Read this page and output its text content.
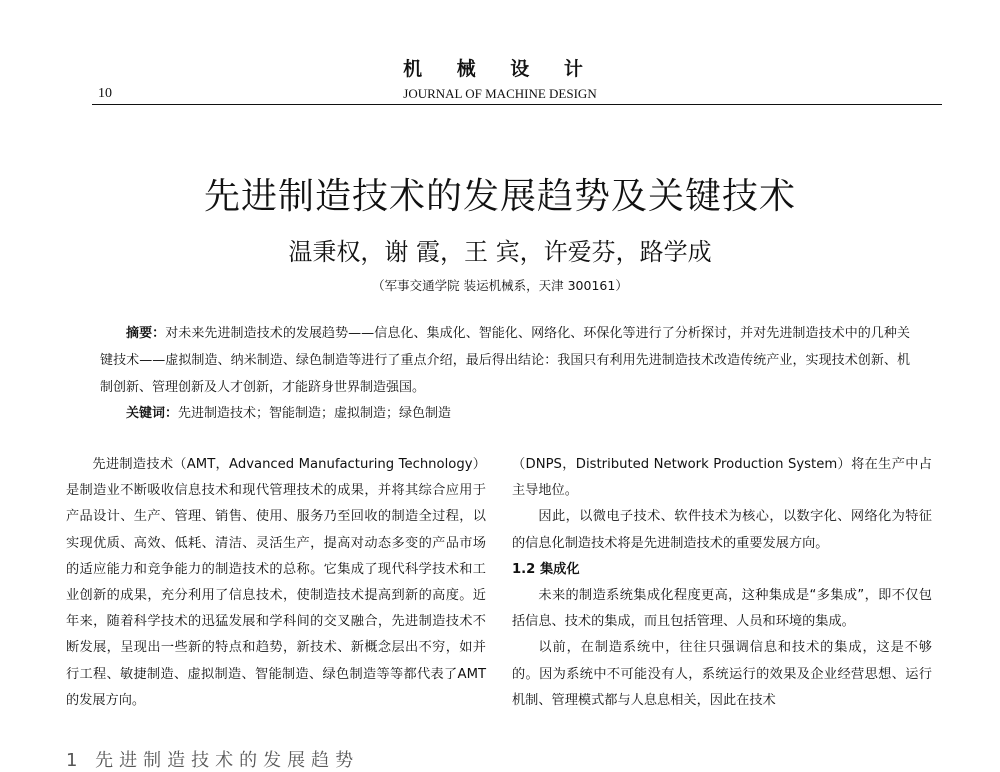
机 械 设 计
10	JOURNAL OF MACHINE DESIGN
先进制造技术的发展趋势及关键技术
温秉权，谢 霞，王 宾，许爱芬，路学成
（军事交通学院 装运机械系，天津 300161）

摘要：对未来先进制造技术的发展趋势——信息化、集成化、智能化、网络化、环保化等进行了分析探讨，并对先进制造技术中的几种关键技术——虚拟制造、纳米制造、绿色制造等进行了重点介绍，最后得出结论：我国只有利用先进制造技术改造传统产业，实现技术创新、机制创新、管理创新及人才创新，才能跻身世界制造强国。

关键词：先进制造技术；智能制造；虚拟制造；绿色制造

先进制造技术（AMT，Advanced Manufacturing Technology）是制造业不断吸收信息技术和现代管理技术的成果，并将其综合应用于产品设计、生产、管理、销售、使用、服务乃至回收的制造全过程，以实现优质、高效、低耗、清洁、灵活生产，提高对动态多变的产品市场的适应能力和竞争能力的制造技术的总称。它集成了现代科学技术和工业创新的成果，充分利用了信息技术，使制造技术提高到新的高度。近年来，随着科学技术的迅猛发展和学科间的交叉融合，先进制造技术不断发展，呈现出一些新的特点和趋势，新技术、新概念层出不穷，如并行工程、敏捷制造、虚拟制造、智能制造、绿色制造等等都代表了AMT的发展方向。

1 先进制造技术的发展趋势

（DNPS，Distributed Network Production System）将在生产中占主导地位。

因此，以微电子技术、软件技术为核心，以数字化、网络化为特征的信息化制造技术将是先进制造技术的重要发展方向。

1.2 集成化

未来的制造系统集成化程度更高，这种集成是“多集成”，即不仅包括信息、技术的集成，而且包括管理、人员和环境的集成。

以前，在制造系统中，往往只强调信息和技术的集成，这是不够的。因为系统中不可能没有人，系统运行的效果及企业经营思想、运行机制、管理模式都与人息息相关，因此在技术
